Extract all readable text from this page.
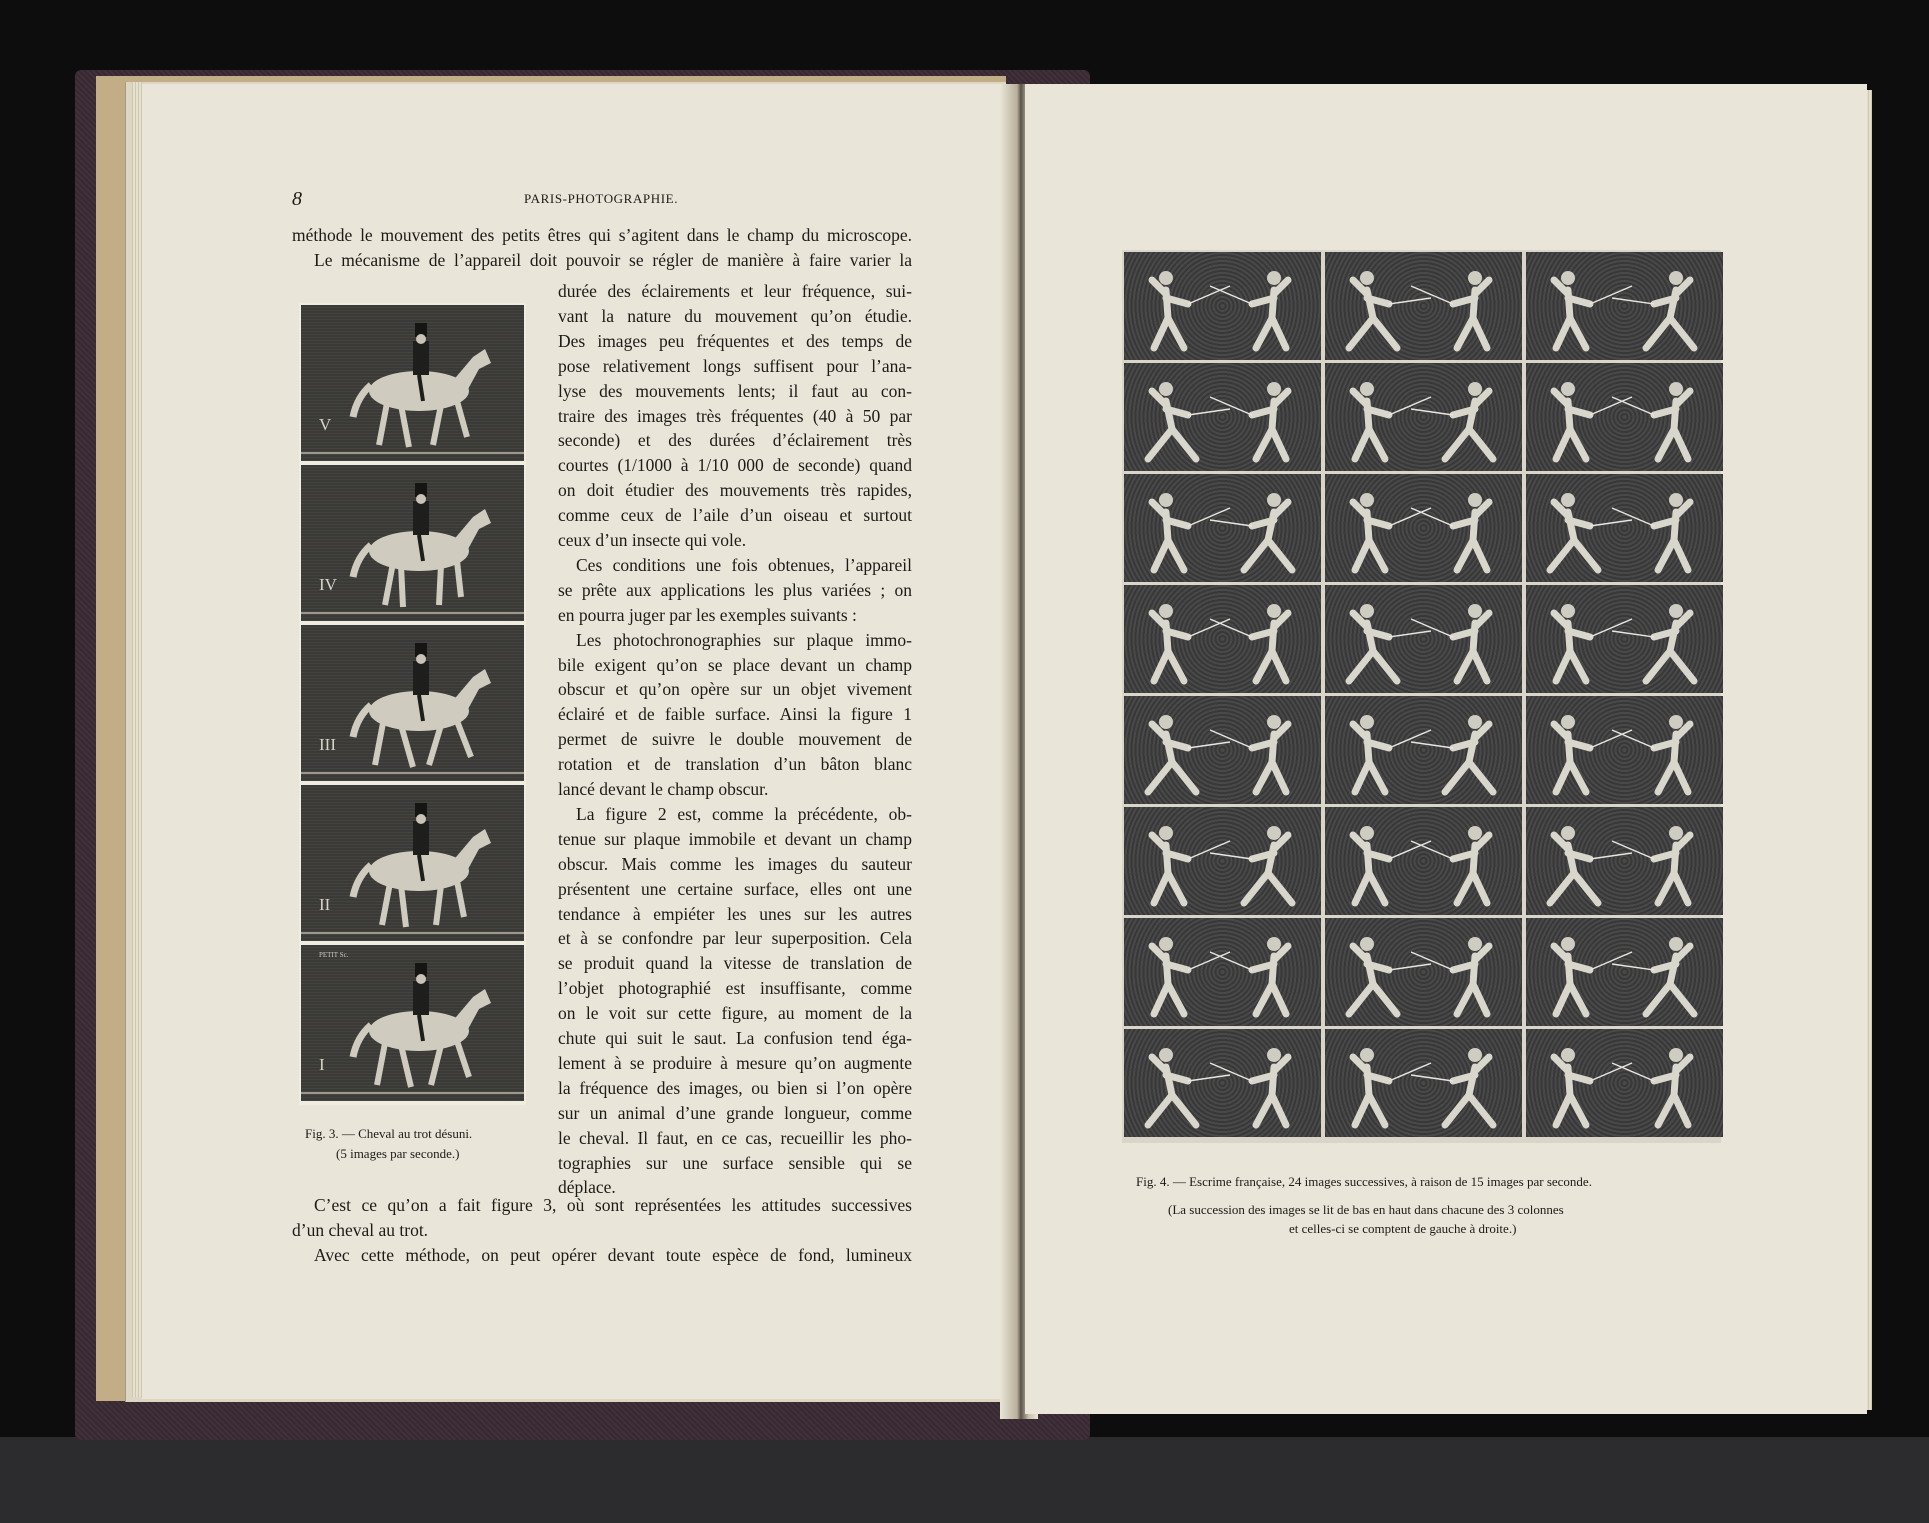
8	PARIS-PHOTOGRAPHIE.
méthode le mouvement des petits êtres qui s’agitent dans le champ du microscope.
Le mécanisme de l’appareil doit pouvoir se régler de manière à faire varier la
durée des éclairements et leur fréquence, sui-
vant la nature du mouvement qu’on étudie.
Des images peu fréquentes et des temps de
pose relativement longs suffisent pour l’ana-
lyse des mouvements lents; il faut au con-
traire des images très fréquentes (40 à 50 par
seconde) et des durées d’éclairement très
courtes (1/1000 à 1/10 000 de seconde) quand
on doit étudier des mouvements très rapides,
comme ceux de l’aile d’un oiseau et surtout
ceux d’un insecte qui vole.
Ces conditions une fois obtenues, l’appareil
se prête aux applications les plus variées ; on
en pourra juger par les exemples suivants :
Les photochronographies sur plaque immo-
bile exigent qu’on se place devant un champ
obscur et qu’on opère sur un objet vivement
éclairé et de faible surface. Ainsi la figure 1
permet de suivre le double mouvement de
rotation et de translation d’un bâton blanc
lancé devant le champ obscur.
La figure 2 est, comme la précédente, ob-
tenue sur plaque immobile et devant un champ
obscur. Mais comme les images du sauteur
présentent une certaine surface, elles ont une
tendance à empiéter les unes sur les autres
et à se confondre par leur superposition. Cela
se produit quand la vitesse de translation de
l’objet photographié est insuffisante, comme
on le voit sur cette figure, au moment de la
chute qui suit le saut. La confusion tend éga-
lement à se produire à mesure qu’on augmente
la fréquence des images, ou bien si l’on opère
sur un animal d’une grande longueur, comme
le cheval. Il faut, en ce cas, recueillir les pho-
tographies sur une surface sensible qui se
déplace.
C’est ce qu’on a fait figure 3, où sont représentées les attitudes successives
d’un cheval au trot.
Avec cette méthode, on peut opérer devant toute espèce de fond, lumineux
V
IV
III
II
I
PETIT Sc.
Fig. 3. — Cheval au trot désuni.
(5 images par seconde.)
Fig. 4. — Escrime française, 24 images successives, à raison de 15 images par seconde.
(La succession des images se lit de bas en haut dans chacune des 3 colonnes
et celles-ci se comptent de gauche à droite.)
